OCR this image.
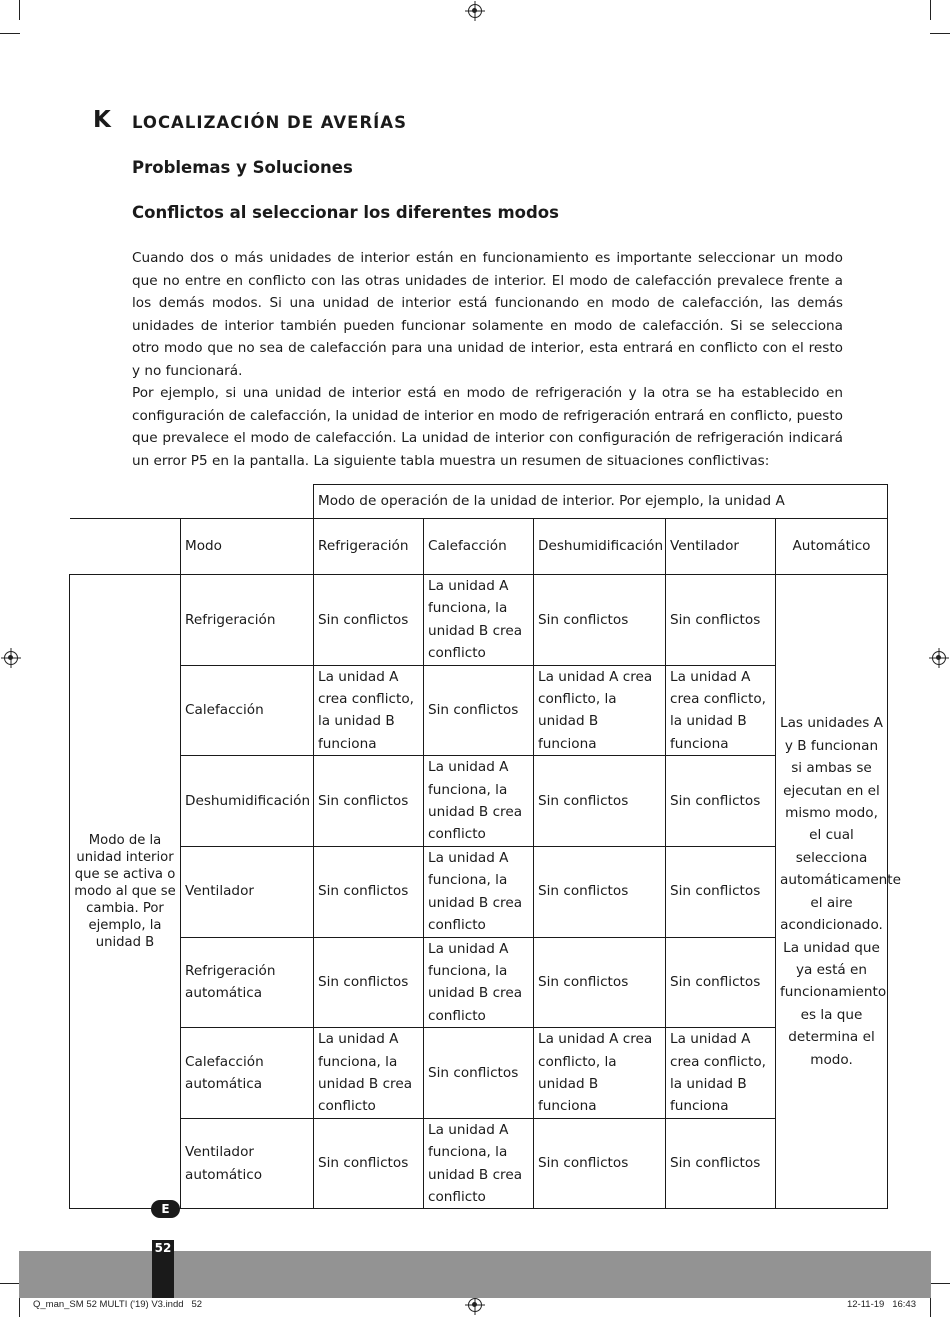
K LOCALIZACIÓN DE AVERÍAS
Problemas y Soluciones
Conflictos al seleccionar los diferentes modos

Cuando dos o más unidades de interior están en funcionamiento es importante seleccionar un modo que no entre en conflicto con las otras unidades de interior. El modo de calefacción prevalece frente a los demás modos. Si una unidad de interior está funcionando en modo de calefacción, las demás unidades de interior también pueden funcionar solamente en modo de calefacción. Si se selecciona otro modo que no sea de calefacción para una unidad de interior, esta entrará en conflicto con el resto y no funcionará.

Por ejemplo, si una unidad de interior está en modo de refrigeración y la otra se ha establecido en configuración de calefacción, la unidad de interior en modo de refrigeración entrará en conflicto, puesto que prevalece el modo de calefacción. La unidad de interior con configuración de refrigeración indicará un error P5 en la pantalla. La siguiente tabla muestra un resumen de situaciones conflictivas:

		Modo de operación de la unidad de interior. Por ejemplo, la unidad A				
	Modo	Refrigeración	Calefacción	Deshumidificación	Ventilador	Automático
Modo de la unidad interior que se activa o modo al que se cambia. Por ejemplo, la unidad B	Refrigeración	Sin conflictos	La unidad A funciona, la unidad B crea conflicto	Sin conflictos	Sin conflictos	Las unidades A y B funcionan si ambas se ejecutan en el mismo modo, el cual selecciona automáticamente el aire acondicionado. La unidad que ya está en funcionamiento es la que determina el modo.
	Calefacción	La unidad A crea conflicto, la unidad B funciona	Sin conflictos	La unidad A crea conflicto, la unidad B funciona	La unidad A crea conflicto, la unidad B funciona	
	Deshumidificación	Sin conflictos	La unidad A funciona, la unidad B crea conflicto	Sin conflictos	Sin conflictos	
	Ventilador	Sin conflictos	La unidad A funciona, la unidad B crea conflicto	Sin conflictos	Sin conflictos	
	Refrigeración automática	Sin conflictos	La unidad A funciona, la unidad B crea conflicto	Sin conflictos	Sin conflictos	
	Calefacción automática	La unidad A funciona, la unidad B crea conflicto	Sin conflictos	La unidad A crea conflicto, la unidad B funciona	La unidad A crea conflicto, la unidad B funciona	
	Ventilador automático	Sin conflictos	La unidad A funciona, la unidad B crea conflicto	Sin conflictos	Sin conflictos	
E
52
Q_man_SM 52 MULTI ('19) V3.indd   52	12-11-19   16:43
